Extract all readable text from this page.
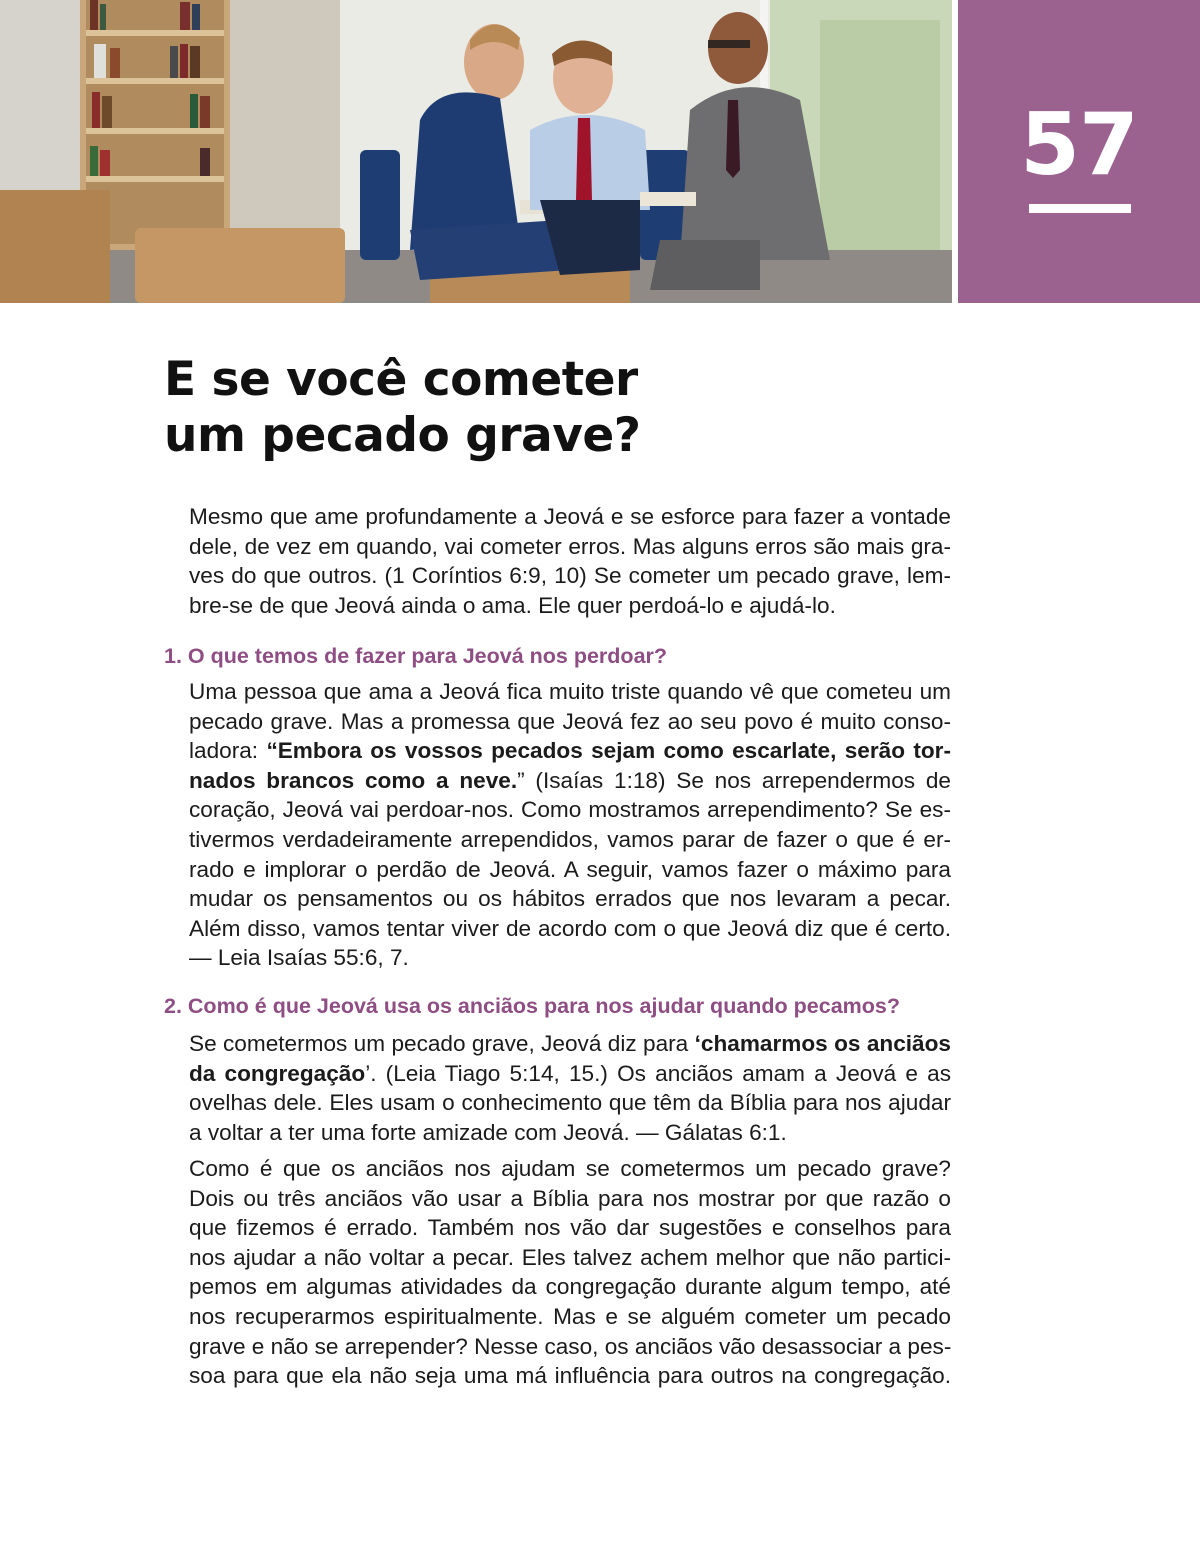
57
E se você cometer
um pecado grave?

Mesmo que ame profundamente a Jeová e se esforce para fazer a vontade
dele, de vez em quando, vai cometer erros. Mas alguns erros são mais gra-
ves do que outros. (1 Coríntios 6:9, 10) Se cometer um pecado grave, lem-
bre-se de que Jeová ainda o ama. Ele quer perdoá-lo e ajudá-lo.

1. O que temos de fazer para Jeová nos perdoar?

Uma pessoa que ama a Jeová fica muito triste quando vê que cometeu um
pecado grave. Mas a promessa que Jeová fez ao seu povo é muito conso-
ladora: “Embora os vossos pecados sejam como escarlate, serão tor-
nados brancos como a neve.” (Isaías 1:18) Se nos arrependermos de
coração, Jeová vai perdoar-nos. Como mostramos arrependimento? Se es-
tivermos verdadeiramente arrependidos, vamos parar de fazer o que é er-
rado e implorar o perdão de Jeová. A seguir, vamos fazer o máximo para
mudar os pensamentos ou os hábitos errados que nos levaram a pecar.
Além disso, vamos tentar viver de acordo com o que Jeová diz que é certo.
— Leia Isaías 55:6, 7.

2. Como é que Jeová usa os anciãos para nos ajudar quando pecamos?

Se cometermos um pecado grave, Jeová diz para ‘chamarmos os anciãos
da congregação’. (Leia Tiago 5:14, 15.) Os anciãos amam a Jeová e as
ovelhas dele. Eles usam o conhecimento que têm da Bíblia para nos ajudar
a voltar a ter uma forte amizade com Jeová. — Gálatas 6:1.

Como é que os anciãos nos ajudam se cometermos um pecado grave?
Dois ou três anciãos vão usar a Bíblia para nos mostrar por que razão o
que fizemos é errado. Também nos vão dar sugestões e conselhos para
nos ajudar a não voltar a pecar. Eles talvez achem melhor que não partici-
pemos em algumas atividades da congregação durante algum tempo, até
nos recuperarmos espiritualmente. Mas e se alguém cometer um pecado
grave e não se arrepender? Nesse caso, os anciãos vão desassociar a pes-
soa para que ela não seja uma má influência para outros na congregação.
